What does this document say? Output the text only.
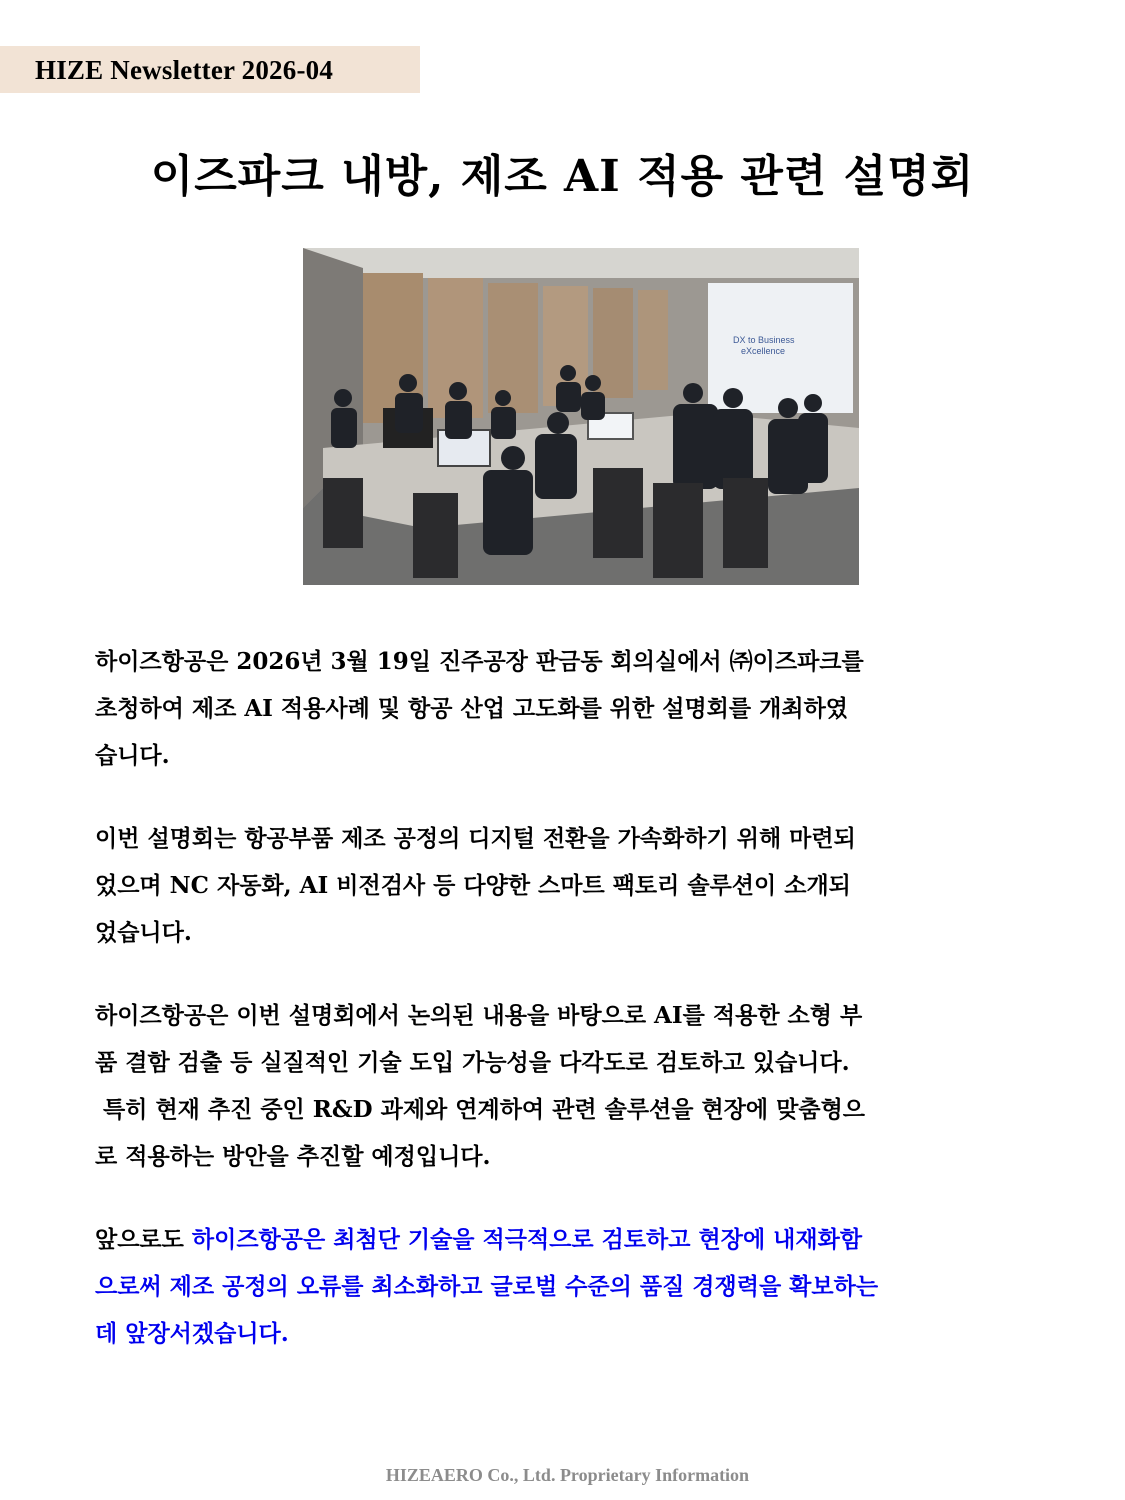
HIZE Newsletter 2026-04
이즈파크 내방, 제조 AI 적용 관련 설명회
DX to Business
eXcellence

하이즈항공은 2026년 3월 19일 진주공장 판금동 회의실에서 ㈜이즈파크를

초청하여 제조 AI 적용사례 및 항공 산업 고도화를 위한 설명회를 개최하였

습니다.

이번 설명회는 항공부품 제조 공정의 디지털 전환을 가속화하기 위해 마련되

었으며 NC 자동화, AI 비전검사 등 다양한 스마트 팩토리 솔루션이 소개되

었습니다.

하이즈항공은 이번 설명회에서 논의된 내용을 바탕으로 AI를 적용한 소형 부

품 결함 검출 등 실질적인 기술 도입 가능성을 다각도로 검토하고 있습니다.

특히 현재 추진 중인 R&D 과제와 연계하여 관련 솔루션을 현장에 맞춤형으

로 적용하는 방안을 추진할 예정입니다.

앞으로도 하이즈항공은 최첨단 기술을 적극적으로 검토하고 현장에 내재화함

으로써 제조 공정의 오류를 최소화하고 글로벌 수준의 품질 경쟁력을 확보하는

데 앞장서겠습니다.

HIZEAERO Co., Ltd. Proprietary Information
